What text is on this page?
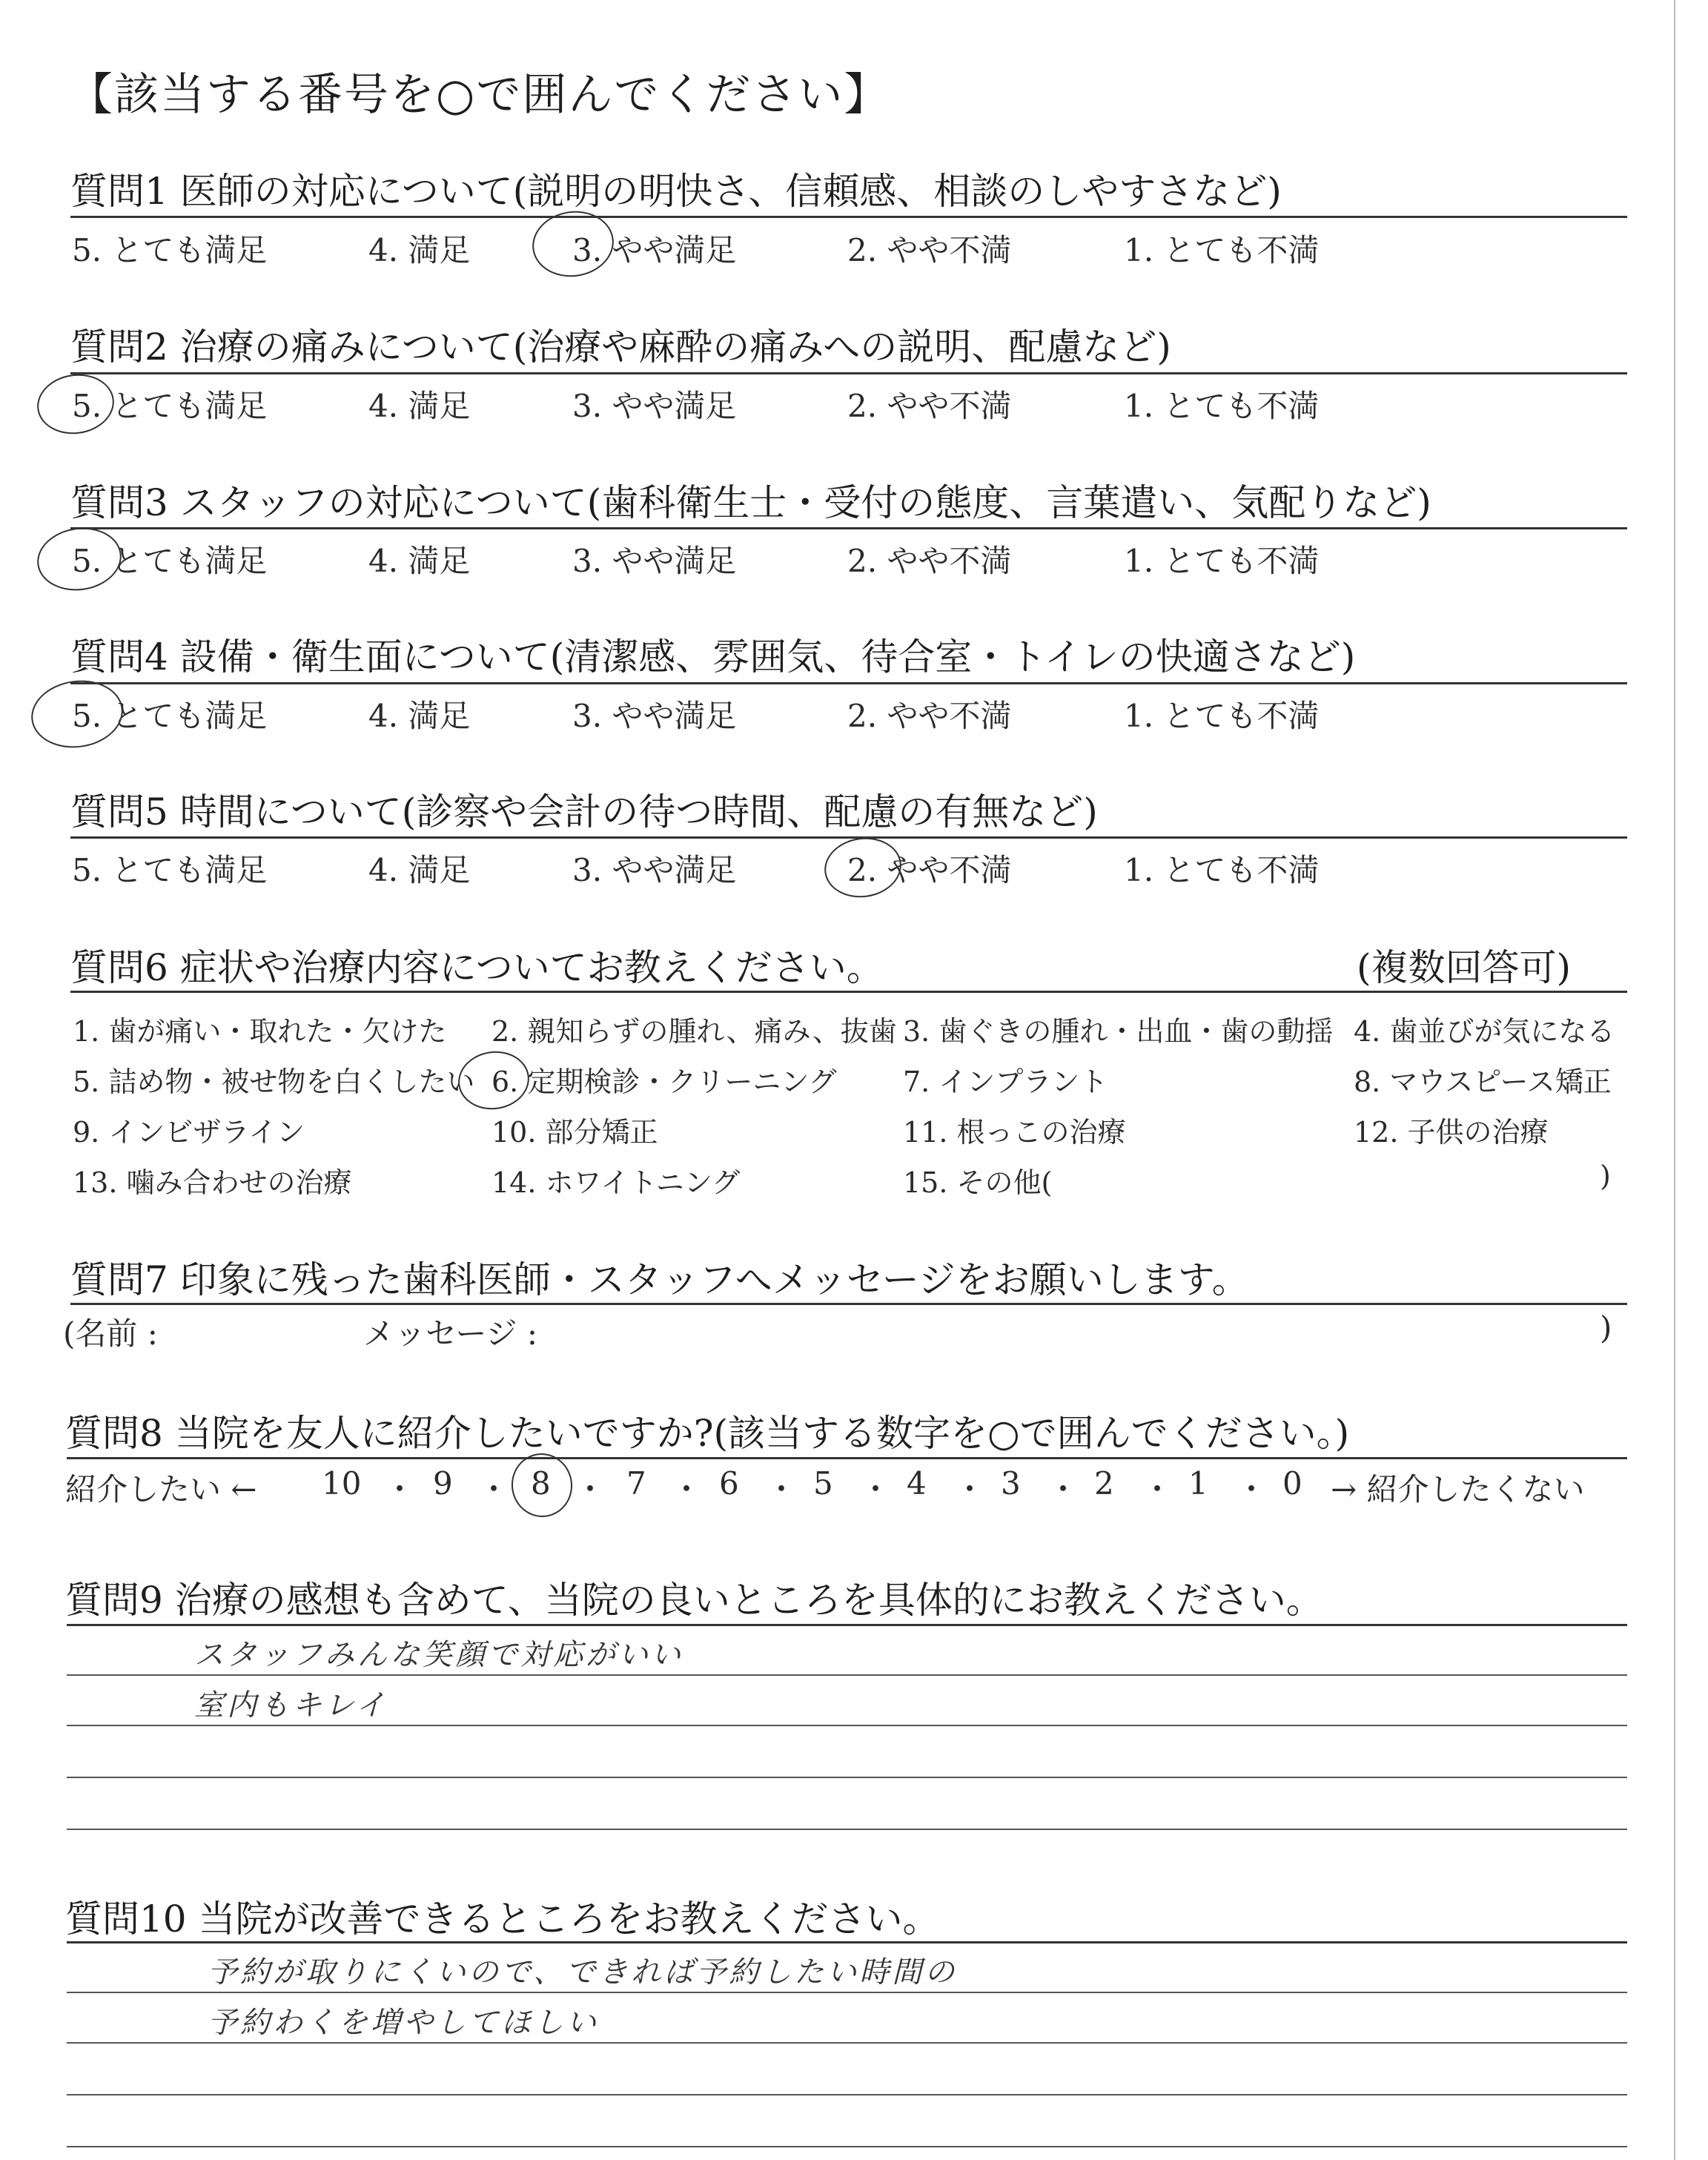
【該当する番号を○で囲んでください】
質問1 医師の対応について(説明の明快さ、信頼感、相談のしやすさなど)
5. とても満足	4. 満足	3. やや満足	2. やや不満	1. とても不満
質問2 治療の痛みについて(治療や麻酔の痛みへの説明、配慮など)
5. とても満足	4. 満足	3. やや満足	2. やや不満	1. とても不満
質問3 スタッフの対応について(歯科衛生士・受付の態度、言葉遣い、気配りなど)
5. とても満足	4. 満足	3. やや満足	2. やや不満	1. とても不満
質問4 設備・衛生面について(清潔感、雰囲気、待合室・トイレの快適さなど)
5. とても満足	4. 満足	3. やや満足	2. やや不満	1. とても不満
質問5 時間について(診察や会計の待つ時間、配慮の有無など)
5. とても満足	4. 満足	3. やや満足	2. やや不満	1. とても不満
質問6 症状や治療内容についてお教えください。	(複数回答可)
1. 歯が痛い・取れた・欠けた 2. 親知らずの腫れ、痛み、抜歯 3. 歯ぐきの腫れ・出血・歯の動揺 4. 歯並びが気になる
5. 詰め物・被せ物を白くしたい 6. 定期検診・クリーニング 7. インプラント	8. マウスピース矯正
9. インビザライン	10. 部分矯正	11. 根っこの治療	12. 子供の治療
13. 噛み合わせの治療	14. ホワイトニング	15. その他(	)
質問7 印象に残った歯科医師・スタッフへメッセージをお願いします。
(名前 :	メッセージ :	)
質問8 当院を友人に紹介したいですか?(該当する数字を○で囲んでください。)
紹介したい ←	→ 紹介したくない
10 ・ 9 ・ 8 ・ 7 ・ 6 ・ 5 ・ 4 ・ 3 ・ 2 ・ 1 ・ 0
質問9 治療の感想も含めて、当院の良いところを具体的にお教えください。
スタッフみんな笑顔で対応がいい
室内もキレイ
質問10 当院が改善できるところをお教えください。
予約が取りにくいので、できれば予約したい時間の
予約わくを増やしてほしい
